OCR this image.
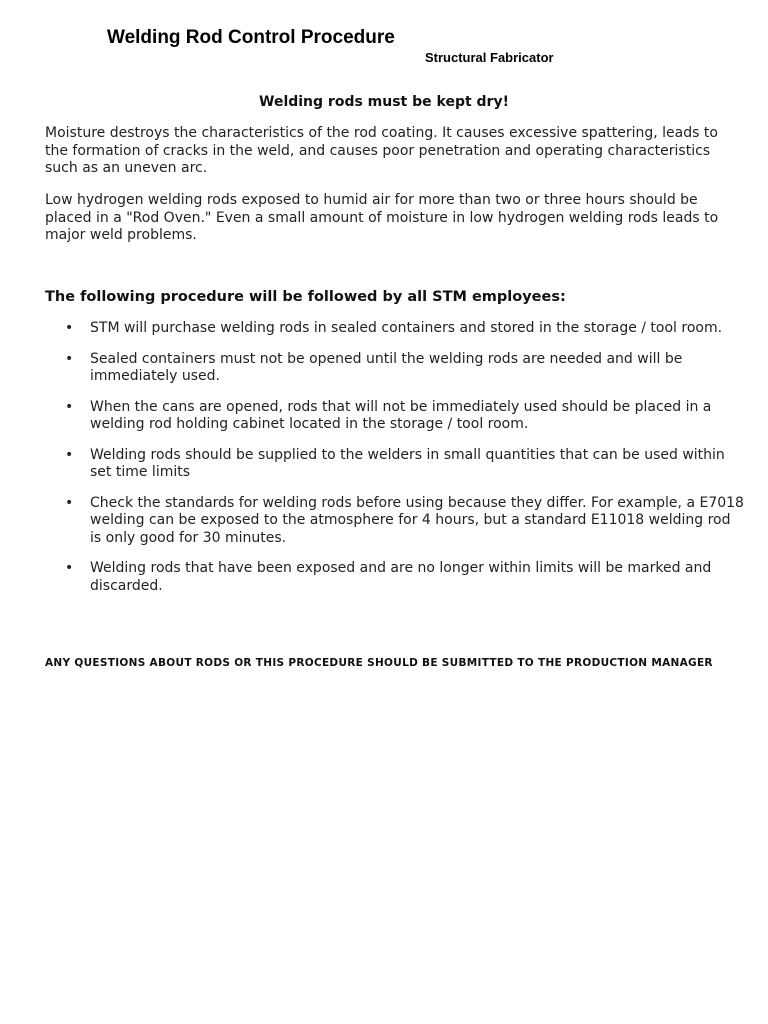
Welding Rod Control Procedure
Structural Fabricator
Welding rods must be kept dry!
Moisture destroys the characteristics of the rod coating. It causes excessive spattering, leads to the formation of cracks in the weld, and causes poor penetration and operating characteristics such as an uneven arc.
Low hydrogen welding rods exposed to humid air for more than two or three hours should be placed in a "Rod Oven." Even a small amount of moisture in low hydrogen welding rods leads to major weld problems.
The following procedure will be followed by all STM employees:
• STM will purchase welding rods in sealed containers and stored in the storage / tool room.
• Sealed containers must not be opened until the welding rods are needed and will be immediately used.
• When the cans are opened, rods that will not be immediately used should be placed in a welding rod holding cabinet located in the storage / tool room.
• Welding rods should be supplied to the welders in small quantities that can be used within set time limits
• Check the standards for welding rods before using because they differ. For example, a E7018 welding can be exposed to the atmosphere for 4 hours, but a standard E11018 welding rod is only good for 30 minutes.
• Welding rods that have been exposed and are no longer within limits will be marked and discarded.
ANY QUESTIONS ABOUT RODS OR THIS PROCEDURE SHOULD BE SUBMITTED TO THE PRODUCTION MANAGER
